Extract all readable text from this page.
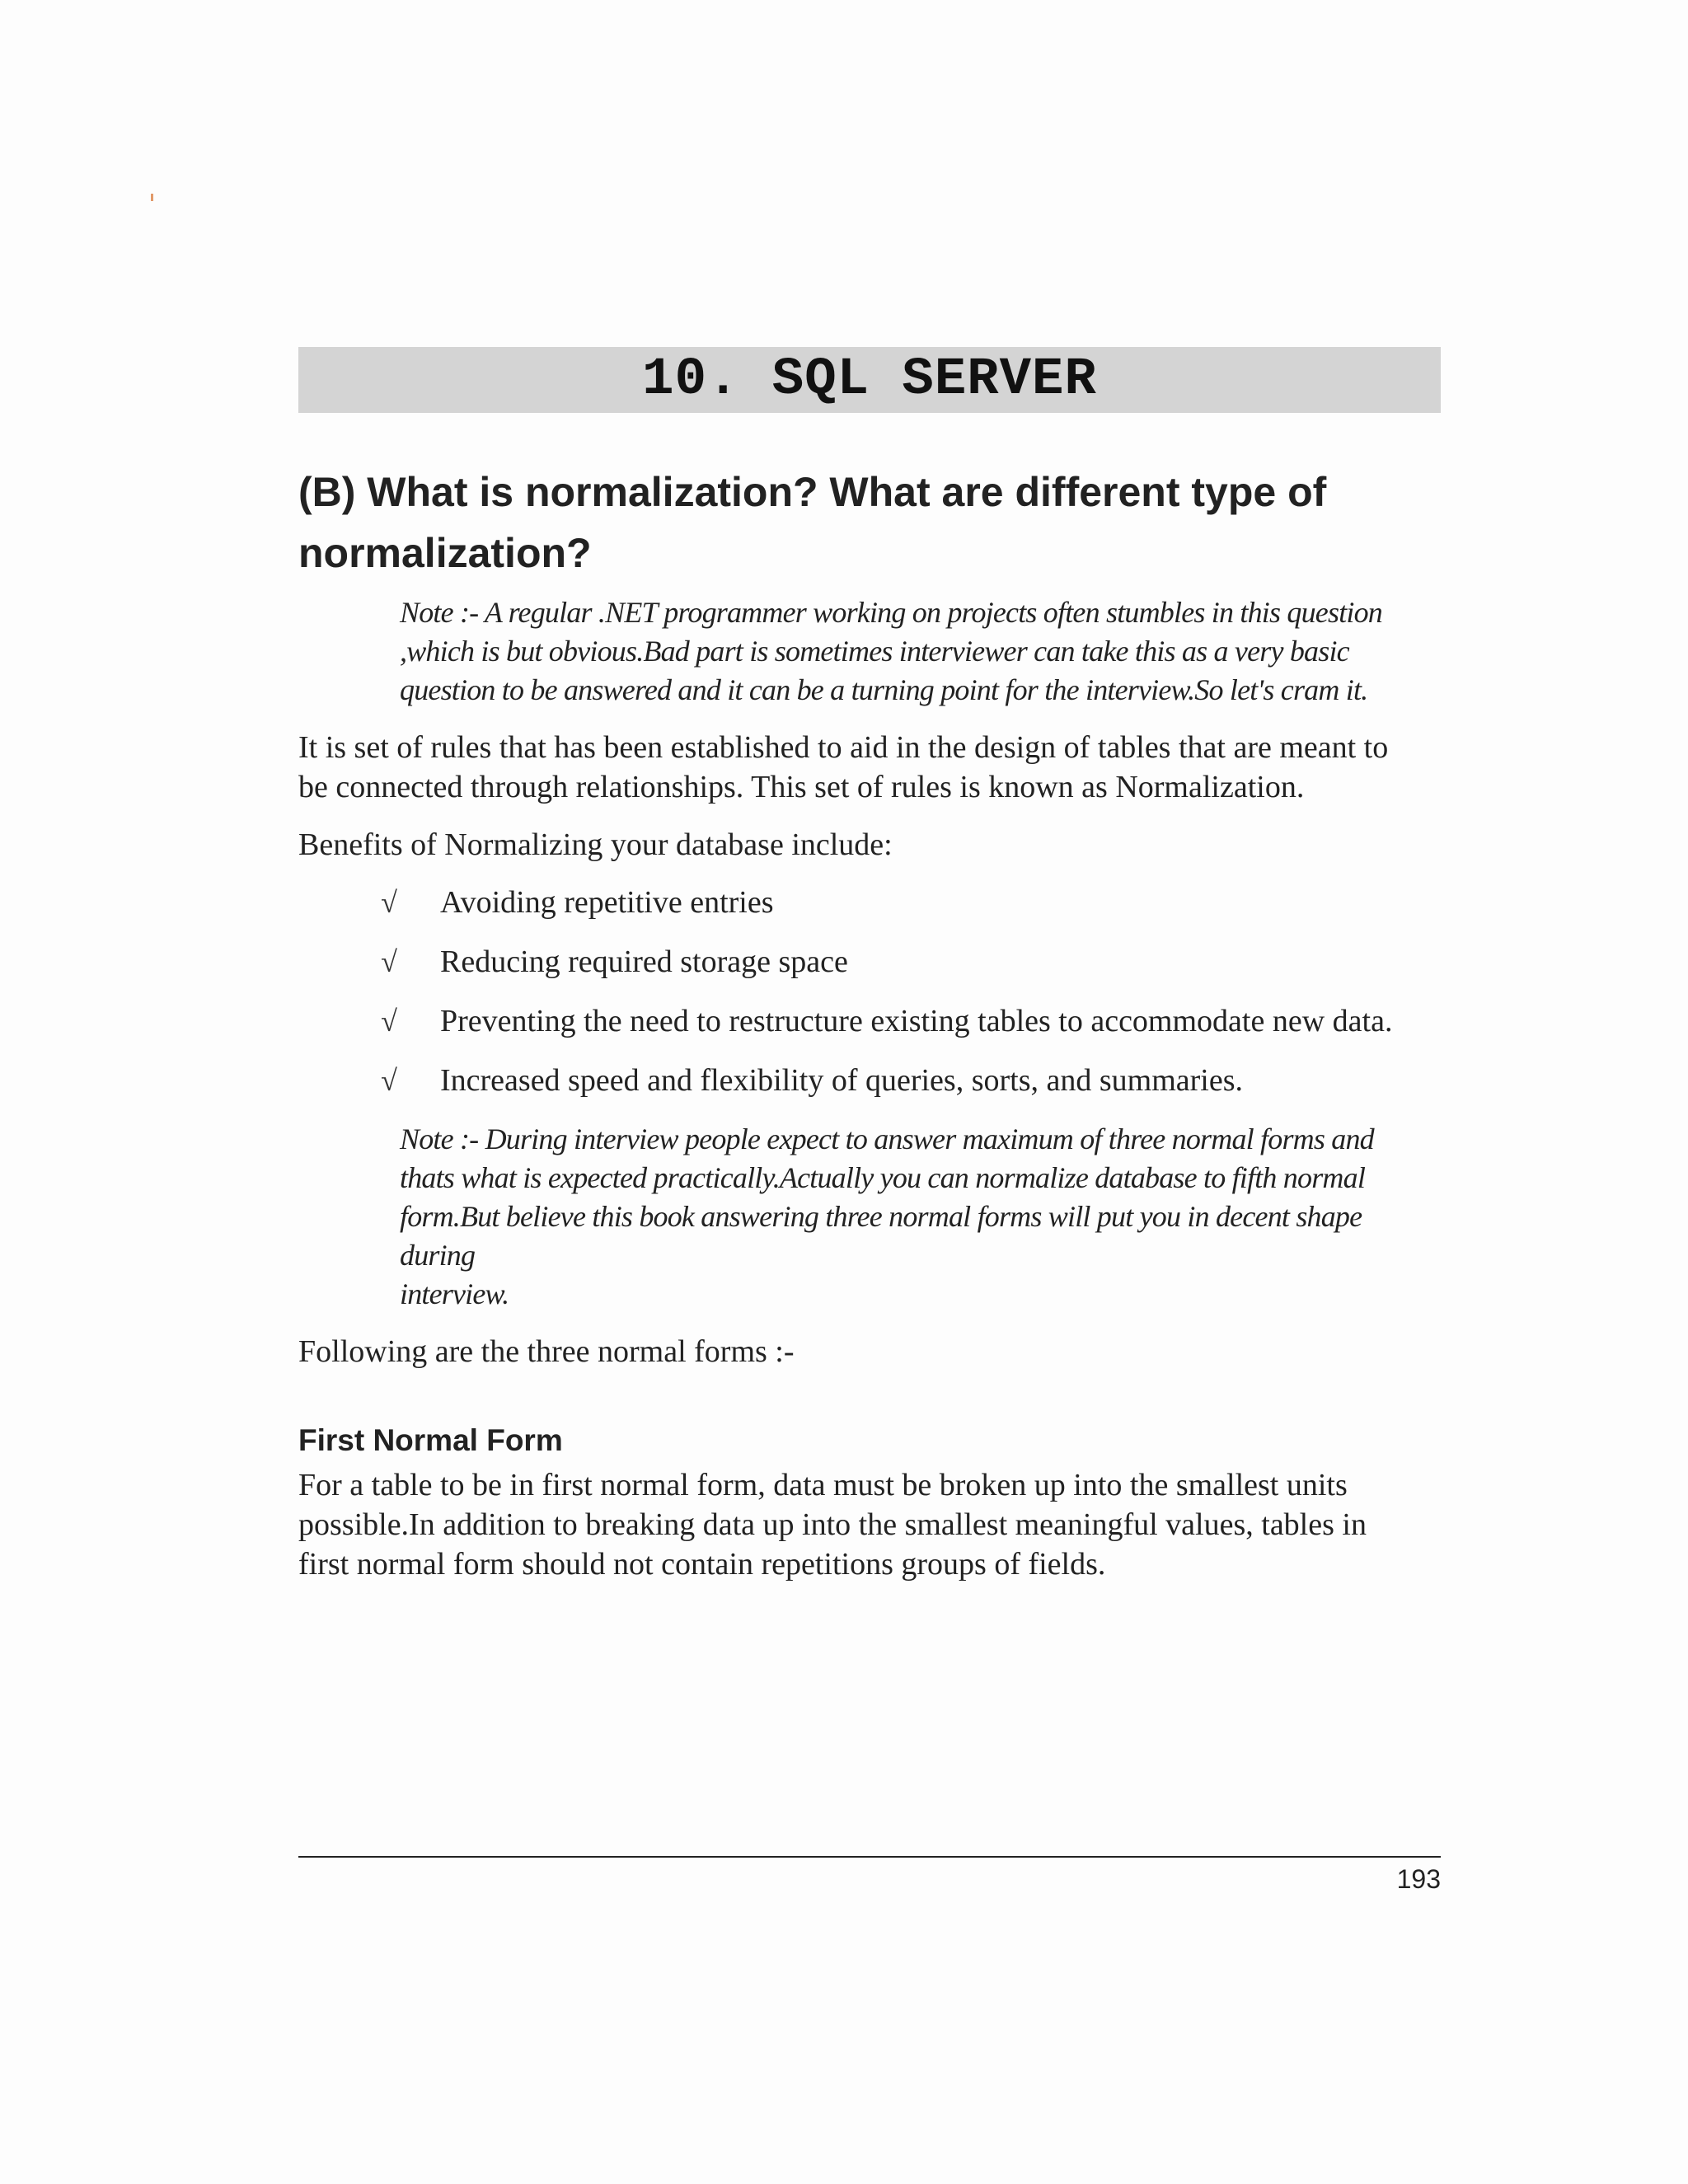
10. SQL SERVER
(B) What is normalization? What are different type of
normalization?

Note :- A regular .NET programmer working on projects often stumbles in this question

,which is but obvious.Bad part is sometimes interviewer can take this as a very basic

question to be answered and it can be a turning point for the interview.So let's cram it.

It is set of rules that has been established to aid in the design of tables that are meant to
be connected through relationships. This set of rules is known as Normalization.

Benefits of Normalizing your database include:

√	Avoiding repetitive entries
√	Reducing required storage space
√	Preventing the need to restructure existing tables to accommodate new data.
√	Increased speed and flexibility of queries, sorts, and summaries.

Note :- During interview people expect to answer maximum of three normal forms and

thats what is expected practically.Actually you can normalize database to fifth normal

form.But believe this book answering three normal forms will put you in decent shape during

interview.

Following are the three normal forms :-

First Normal Form

For a table to be in first normal form, data must be broken up into the smallest units
possible.In addition to breaking data up into the smallest meaningful values, tables in
first normal form should not contain repetitions groups of fields.

193
